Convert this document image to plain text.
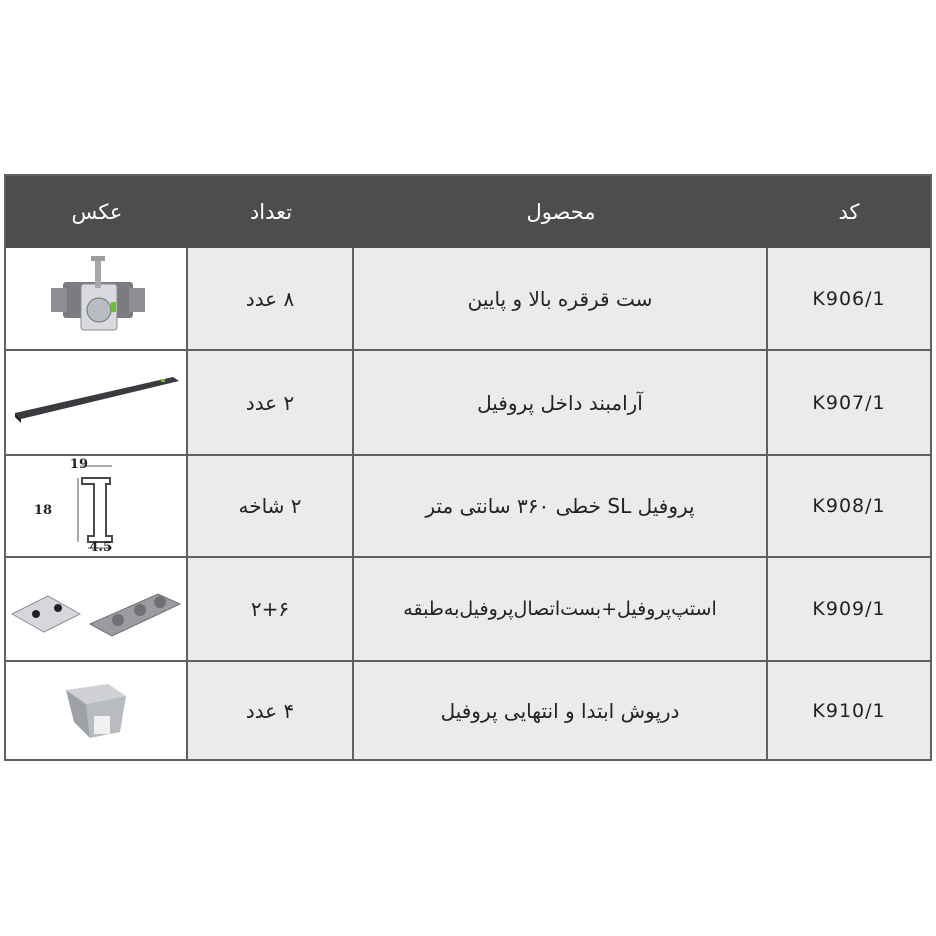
عکس	تعداد	محصول	کد
۸ عدد	ست قرقره بالا و پایین	K906/1
۲ عدد	آرامبند داخل پروفیل	K907/1
19
18
4.5
۲ شاخه	پروفیل SL خطی ۳۶۰ سانتی متر	K908/1
۲+۶	استپ‌پروفیل+بست‌اتصال‌پروفیل‌به‌طبقه	K909/1
۴ عدد	درپوش ابتدا و انتهایی پروفیل	K910/1
